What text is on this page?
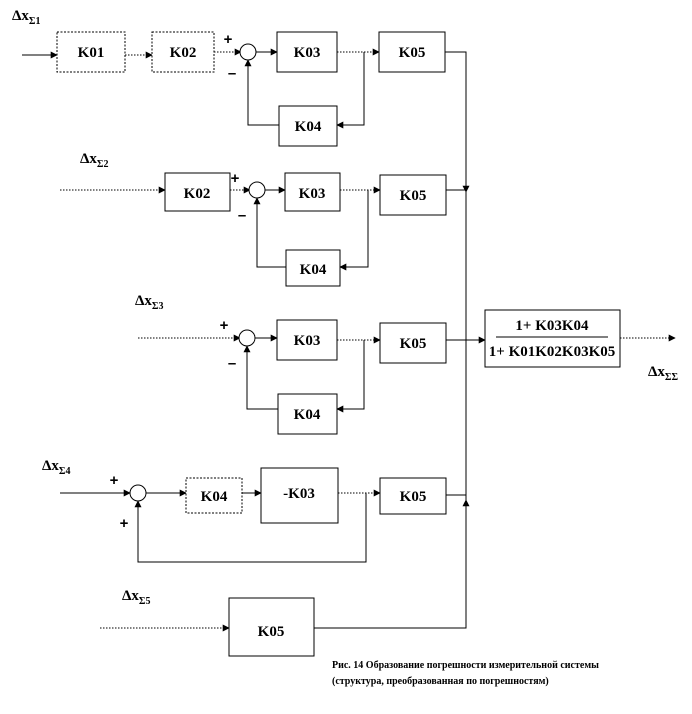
$\Delta x_{\Sigma 1}$
K01	K02
+
–
K03	K05
K04
$\Delta x_{\Sigma 2}$
K02
+
–
K03	K05
K04
$\Delta x_{\Sigma 3}$
+
–
K03	K05
K04
$\Delta x_{\Sigma 4}$
+
+
K04	-K03	K05
$\Delta x_{\Sigma 5}$
K05
1+ K03K04
1+ K01K02K03K05
$\Delta x_{\Sigma\Sigma}$
Рис. 14 Образование погрешности измерительной системы (структура, преобразованная по погрешностям)
